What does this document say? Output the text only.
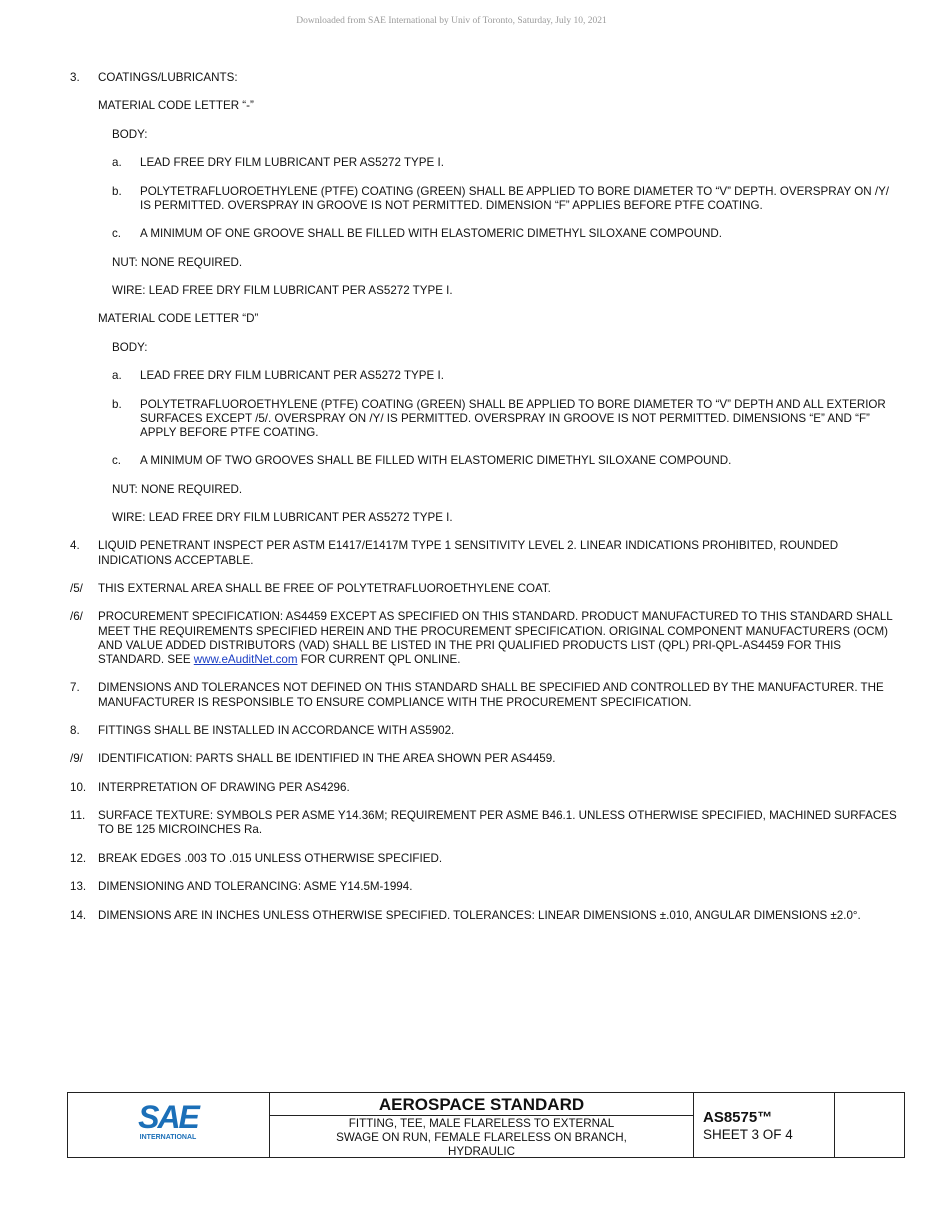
Downloaded from SAE International by Univ of Toronto, Saturday, July 10, 2021
3.	COATINGS/LUBRICANTS:
MATERIAL CODE LETTER “-”
BODY:
a.	LEAD FREE DRY FILM LUBRICANT PER AS5272 TYPE I.
b.	POLYTETRAFLUOROETHYLENE (PTFE) COATING (GREEN) SHALL BE APPLIED TO BORE DIAMETER TO “V” DEPTH. OVERSPRAY ON /Y/ IS PERMITTED. OVERSPRAY IN GROOVE IS NOT PERMITTED. DIMENSION “F” APPLIES BEFORE PTFE COATING.
c.	A MINIMUM OF ONE GROOVE SHALL BE FILLED WITH ELASTOMERIC DIMETHYL SILOXANE COMPOUND.
NUT: NONE REQUIRED.
WIRE: LEAD FREE DRY FILM LUBRICANT PER AS5272 TYPE I.
MATERIAL CODE LETTER “D”
BODY:
a.	LEAD FREE DRY FILM LUBRICANT PER AS5272 TYPE I.
b.	POLYTETRAFLUOROETHYLENE (PTFE) COATING (GREEN) SHALL BE APPLIED TO BORE DIAMETER TO “V” DEPTH AND ALL EXTERIOR SURFACES EXCEPT /5/. OVERSPRAY ON /Y/ IS PERMITTED. OVERSPRAY IN GROOVE IS NOT PERMITTED. DIMENSIONS “E” AND “F” APPLY BEFORE PTFE COATING.
c.	A MINIMUM OF TWO GROOVES SHALL BE FILLED WITH ELASTOMERIC DIMETHYL SILOXANE COMPOUND.
NUT: NONE REQUIRED.
WIRE: LEAD FREE DRY FILM LUBRICANT PER AS5272 TYPE I.
4.	LIQUID PENETRANT INSPECT PER ASTM E1417/E1417M TYPE 1 SENSITIVITY LEVEL 2. LINEAR INDICATIONS PROHIBITED, ROUNDED INDICATIONS ACCEPTABLE.
/5/	THIS EXTERNAL AREA SHALL BE FREE OF POLYTETRAFLUOROETHYLENE COAT.
/6/	PROCUREMENT SPECIFICATION: AS4459 EXCEPT AS SPECIFIED ON THIS STANDARD. PRODUCT MANUFACTURED TO THIS STANDARD SHALL MEET THE REQUIREMENTS SPECIFIED HEREIN AND THE PROCUREMENT SPECIFICATION. ORIGINAL COMPONENT MANUFACTURERS (OCM) AND VALUE ADDED DISTRIBUTORS (VAD) SHALL BE LISTED IN THE PRI QUALIFIED PRODUCTS LIST (QPL) PRI-QPL-AS4459 FOR THIS STANDARD. SEE www.eAuditNet.com FOR CURRENT QPL ONLINE.
7.	DIMENSIONS AND TOLERANCES NOT DEFINED ON THIS STANDARD SHALL BE SPECIFIED AND CONTROLLED BY THE MANUFACTURER. THE MANUFACTURER IS RESPONSIBLE TO ENSURE COMPLIANCE WITH THE PROCUREMENT SPECIFICATION.
8.	FITTINGS SHALL BE INSTALLED IN ACCORDANCE WITH AS5902.
/9/	IDENTIFICATION: PARTS SHALL BE IDENTIFIED IN THE AREA SHOWN PER AS4459.
10.	INTERPRETATION OF DRAWING PER AS4296.
11.	SURFACE TEXTURE: SYMBOLS PER ASME Y14.36M; REQUIREMENT PER ASME B46.1. UNLESS OTHERWISE SPECIFIED, MACHINED SURFACES TO BE 125 MICROINCHES Ra.
12.	BREAK EDGES .003 TO .015 UNLESS OTHERWISE SPECIFIED.
13.	DIMENSIONING AND TOLERANCING: ASME Y14.5M-1994.
14.	DIMENSIONS ARE IN INCHES UNLESS OTHERWISE SPECIFIED. TOLERANCES: LINEAR DIMENSIONS ±.010, ANGULAR DIMENSIONS ±2.0°.
SAE
INTERNATIONAL
AEROSPACE STANDARD
FITTING, TEE, MALE FLARELESS TO EXTERNAL
SWAGE ON RUN, FEMALE FLARELESS ON BRANCH,
HYDRAULIC
AS8575™
SHEET 3 OF 4
